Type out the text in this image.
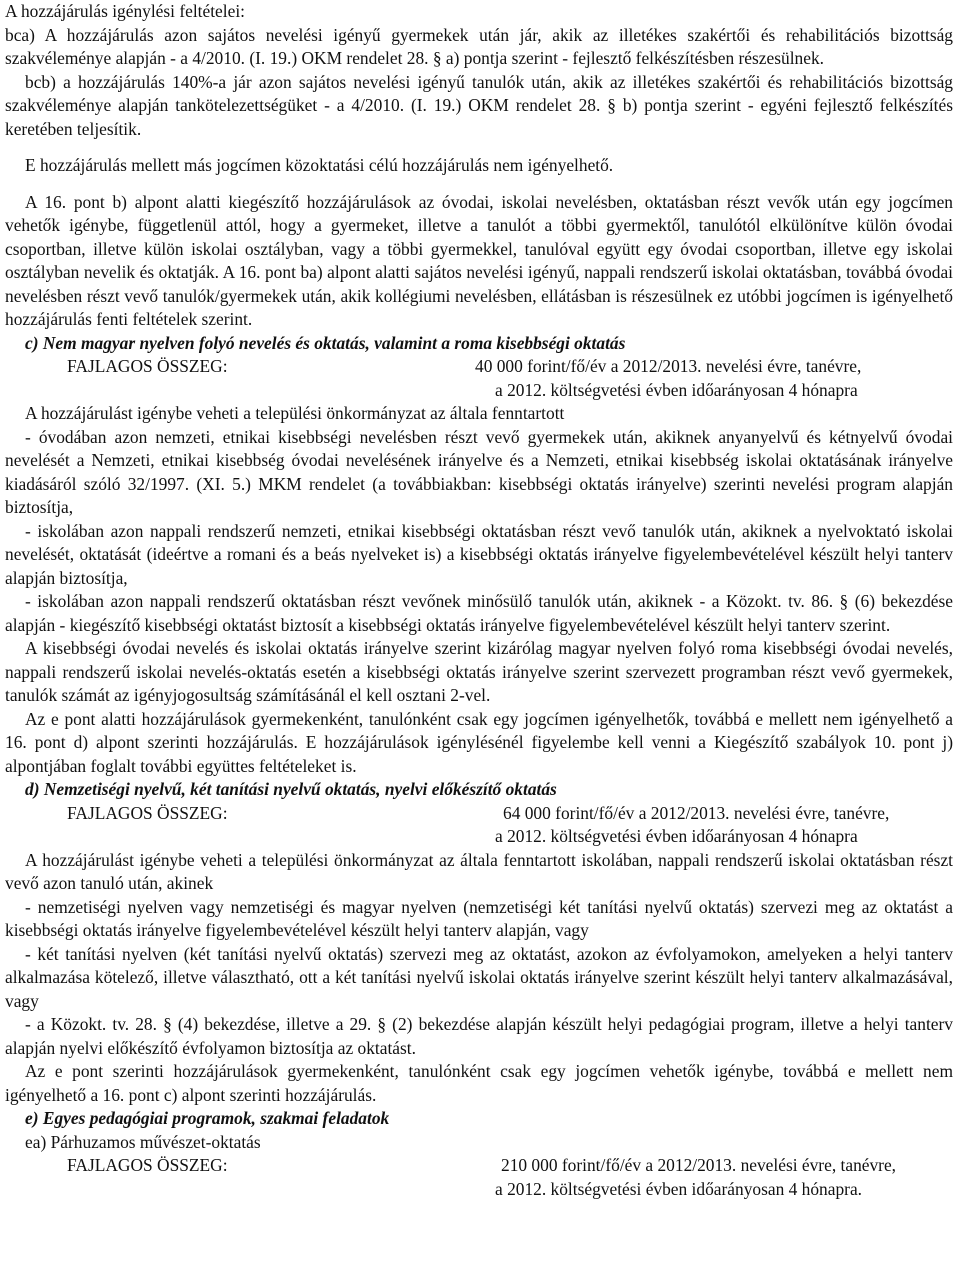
A hozzájárulás igénylési feltételei:

bca) A hozzájárulás azon sajátos nevelési igényű gyermekek után jár, akik az illetékes szakértői és rehabilitációs bizottság szakvéleménye alapján - a 4/2010. (I. 19.) OKM rendelet 28. § a) pontja szerint - fejlesztő felkészítésben részesülnek.

bcb) a hozzájárulás 140%-a jár azon sajátos nevelési igényű tanulók után, akik az illetékes szakértői és rehabilitációs bizottság szakvéleménye alapján tankötelezettségüket - a 4/2010. (I. 19.) OKM rendelet 28. § b) pontja szerint - egyéni fejlesztő felkészítés keretében teljesítik.

E hozzájárulás mellett más jogcímen közoktatási célú hozzájárulás nem igényelhető.

A 16. pont b) alpont alatti kiegészítő hozzájárulások az óvodai, iskolai nevelésben, oktatásban részt vevők után egy jogcímen vehetők igénybe, függetlenül attól, hogy a gyermeket, illetve a tanulót a többi gyermektől, tanulótól elkülönítve külön óvodai csoportban, illetve külön iskolai osztályban, vagy a többi gyermekkel, tanulóval együtt egy óvodai csoportban, illetve egy iskolai osztályban nevelik és oktatják. A 16. pont ba) alpont alatti sajátos nevelési igényű, nappali rendszerű iskolai oktatásban, továbbá óvodai nevelésben részt vevő tanulók/gyermekek után, akik kollégiumi nevelésben, ellátásban is részesülnek ez utóbbi jogcímen is igényelhető hozzájárulás fenti feltételek szerint.

c) Nem magyar nyelven folyó nevelés és oktatás, valamint a roma kisebbségi oktatás

FAJLAGOS ÖSSZEG:	40 000 forint/fő/év a 2012/2013. nevelési évre, tanévre,
a 2012. költségvetési évben időarányosan 4 hónapra

A hozzájárulást igénybe veheti a települési önkormányzat az általa fenntartott

- óvodában azon nemzeti, etnikai kisebbségi nevelésben részt vevő gyermekek után, akiknek anyanyelvű és kétnyelvű óvodai nevelését a Nemzeti, etnikai kisebbség óvodai nevelésének irányelve és a Nemzeti, etnikai kisebbség iskolai oktatásának irányelve kiadásáról szóló 32/1997. (XI. 5.) MKM rendelet (a továbbiakban: kisebbségi oktatás irányelve) szerinti nevelési program alapján biztosítja,

- iskolában azon nappali rendszerű nemzeti, etnikai kisebbségi oktatásban részt vevő tanulók után, akiknek a nyelvoktató iskolai nevelését, oktatását (ideértve a romani és a beás nyelveket is) a kisebbségi oktatás irányelve figyelembevételével készült helyi tanterv alapján biztosítja,

- iskolában azon nappali rendszerű oktatásban részt vevőnek minősülő tanulók után, akiknek - a Közokt. tv. 86. § (6) bekezdése alapján - kiegészítő kisebbségi oktatást biztosít a kisebbségi oktatás irányelve figyelembevételével készült helyi tanterv szerint.

A kisebbségi óvodai nevelés és iskolai oktatás irányelve szerint kizárólag magyar nyelven folyó roma kisebbségi óvodai nevelés, nappali rendszerű iskolai nevelés-oktatás esetén a kisebbségi oktatás irányelve szerint szervezett programban részt vevő gyermekek, tanulók számát az igényjogosultság számításánál el kell osztani 2-vel.

Az e pont alatti hozzájárulások gyermekenként, tanulónként csak egy jogcímen igényelhetők, továbbá e mellett nem igényelhető a 16. pont d) alpont szerinti hozzájárulás. E hozzájárulások igénylésénél figyelembe kell venni a Kiegészítő szabályok 10. pont j) alpontjában foglalt további együttes feltételeket is.

d) Nemzetiségi nyelvű, két tanítási nyelvű oktatás, nyelvi előkészítő oktatás

FAJLAGOS ÖSSZEG:	64 000 forint/fő/év a 2012/2013. nevelési évre, tanévre,
a 2012. költségvetési évben időarányosan 4 hónapra

A hozzájárulást igénybe veheti a települési önkormányzat az általa fenntartott iskolában, nappali rendszerű iskolai oktatásban részt vevő azon tanuló után, akinek

- nemzetiségi nyelven vagy nemzetiségi és magyar nyelven (nemzetiségi két tanítási nyelvű oktatás) szervezi meg az oktatást a kisebbségi oktatás irányelve figyelembevételével készült helyi tanterv alapján, vagy

- két tanítási nyelven (két tanítási nyelvű oktatás) szervezi meg az oktatást, azokon az évfolyamokon, amelyeken a helyi tanterv alkalmazása kötelező, illetve választható, ott a két tanítási nyelvű iskolai oktatás irányelve szerint készült helyi tanterv alkalmazásával, vagy

- a Közokt. tv. 28. § (4) bekezdése, illetve a 29. § (2) bekezdése alapján készült helyi pedagógiai program, illetve a helyi tanterv alapján nyelvi előkészítő évfolyamon biztosítja az oktatást.

Az e pont szerinti hozzájárulások gyermekenként, tanulónként csak egy jogcímen vehetők igénybe, továbbá e mellett nem igényelhető a 16. pont c) alpont szerinti hozzájárulás.

e) Egyes pedagógiai programok, szakmai feladatok

ea) Párhuzamos művészet-oktatás

FAJLAGOS ÖSSZEG:	210 000 forint/fő/év a 2012/2013. nevelési évre, tanévre,
a 2012. költségvetési évben időarányosan 4 hónapra.
